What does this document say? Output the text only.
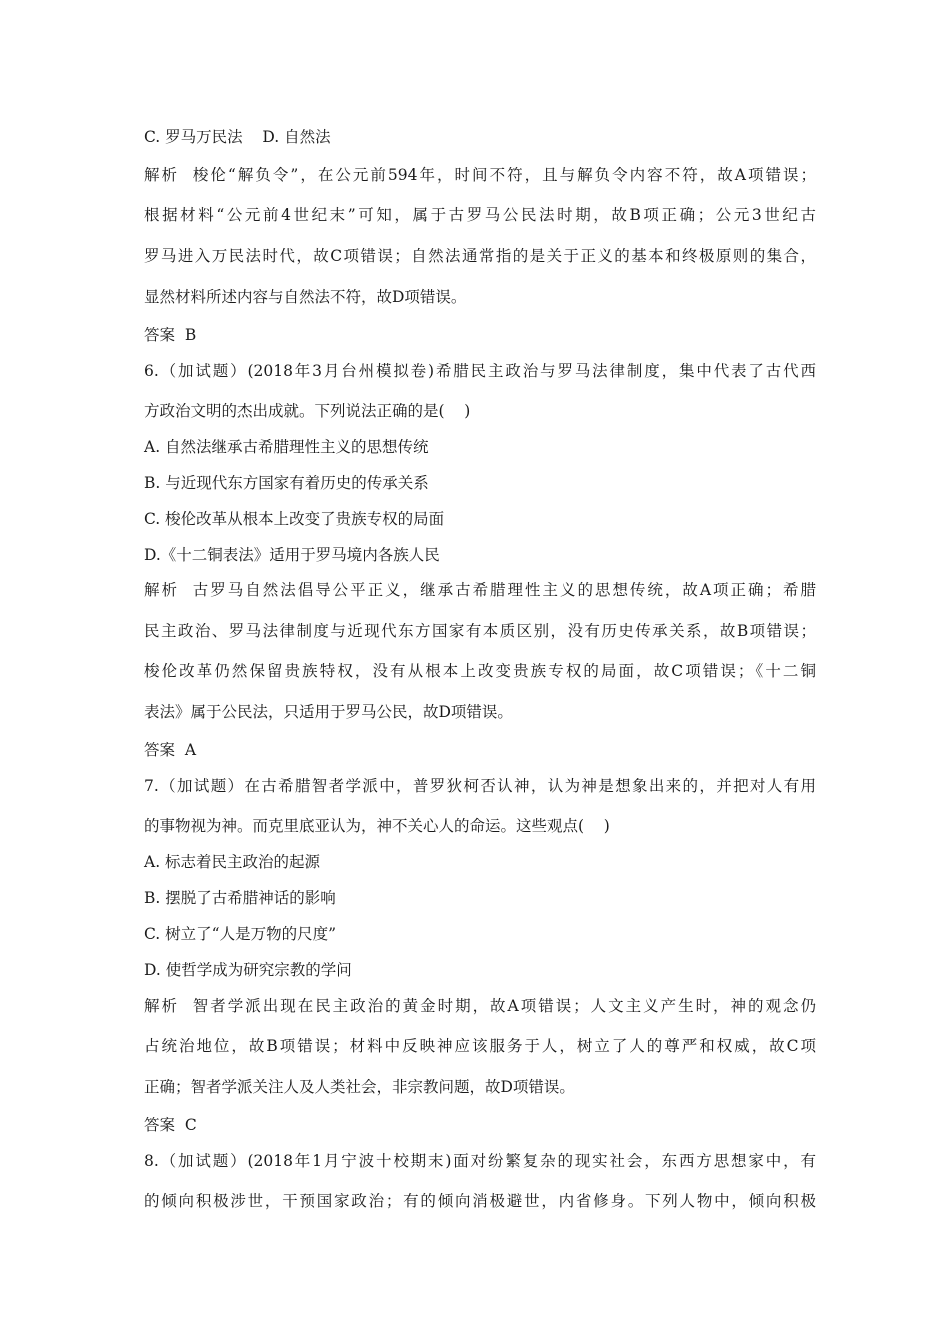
C. 罗马万民法    D. 自然法
解析  梭伦“解负令”，在公元前594年，时间不符，且与解负令内容不符，故A项错误；
根据材料“公元前4世纪末”可知，属于古罗马公民法时期，故B项正确；公元3世纪古
罗马进入万民法时代，故C项错误；自然法通常指的是关于正义的基本和终极原则的集合，
显然材料所述内容与自然法不符，故D项错误。
答案  B
6.（加试题）(2018年3月台州模拟卷)希腊民主政治与罗马法律制度，集中代表了古代西
方政治文明的杰出成就。下列说法正确的是(    )
A. 自然法继承古希腊理性主义的思想传统
B. 与近现代东方国家有着历史的传承关系
C. 梭伦改革从根本上改变了贵族专权的局面
D.《十二铜表法》适用于罗马境内各族人民
解析  古罗马自然法倡导公平正义，继承古希腊理性主义的思想传统，故A项正确；希腊
民主政治、罗马法律制度与近现代东方国家有本质区别，没有历史传承关系，故B项错误；
梭伦改革仍然保留贵族特权，没有从根本上改变贵族专权的局面，故C项错误；《十二铜
表法》属于公民法，只适用于罗马公民，故D项错误。
答案  A
7.（加试题）在古希腊智者学派中，普罗狄柯否认神，认为神是想象出来的，并把对人有用
的事物视为神。而克里底亚认为，神不关心人的命运。这些观点(    )
A. 标志着民主政治的起源
B. 摆脱了古希腊神话的影响
C. 树立了“人是万物的尺度”
D. 使哲学成为研究宗教的学问
解析  智者学派出现在民主政治的黄金时期，故A项错误；人文主义产生时，神的观念仍
占统治地位，故B项错误；材料中反映神应该服务于人，树立了人的尊严和权威，故C项
正确；智者学派关注人及人类社会，非宗教问题，故D项错误。
答案  C
8.（加试题）(2018年1月宁波十校期末)面对纷繁复杂的现实社会，东西方思想家中，有
的倾向积极涉世，干预国家政治；有的倾向消极避世，内省修身。下列人物中，倾向积极
